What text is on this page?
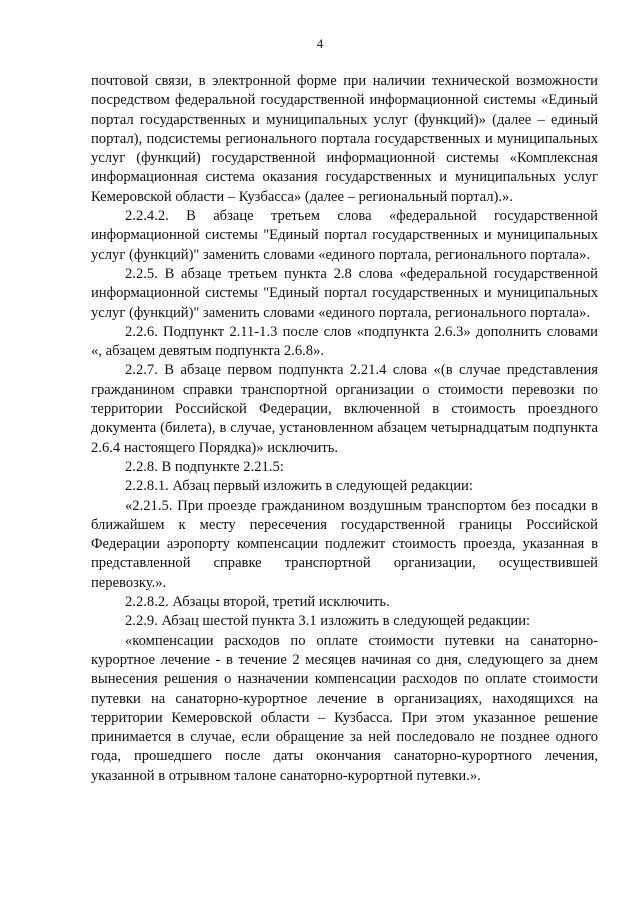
4

почтовой связи, в электронной форме при наличии технической возможности посредством федеральной государственной информационной системы «Единый портал государственных и муниципальных услуг (функций)» (далее – единый портал), подсистемы регионального портала государственных и муниципальных услуг (функций) государственной информационной системы «Комплексная информационная система оказания государственных и муниципальных услуг Кемеровской области – Кузбасса» (далее – региональный портал).».

2.2.4.2. В абзаце третьем слова «федеральной государственной информационной системы "Единый портал государственных и муниципальных услуг (функций)" заменить словами «единого портала, регионального портала».

2.2.5. В абзаце третьем пункта 2.8 слова «федеральной государственной информационной системы "Единый портал государственных и муниципальных услуг (функций)" заменить словами «единого портала, регионального портала».

2.2.6. Подпункт 2.11-1.3 после слов «подпункта 2.6.3» дополнить словами «, абзацем девятым подпункта 2.6.8».

2.2.7. В абзаце первом подпункта 2.21.4 слова «(в случае представления гражданином справки транспортной организации о стоимости перевозки по территории Российской Федерации, включенной в стоимость проездного документа (билета), в случае, установленном абзацем четырнадцатым подпункта 2.6.4 настоящего Порядка)» исключить.

2.2.8. В подпункте 2.21.5:

2.2.8.1. Абзац первый изложить в следующей редакции:

«2.21.5. При проезде гражданином воздушным транспортом без посадки в ближайшем к месту пересечения государственной границы Российской Федерации аэропорту компенсации подлежит стоимость проезда, указанная в представленной справке транспортной организации, осуществившей перевозку.».

2.2.8.2. Абзацы второй, третий исключить.

2.2.9. Абзац шестой пункта 3.1 изложить в следующей редакции:

«компенсации расходов по оплате стоимости путевки на санаторно-курортное лечение - в течение 2 месяцев начиная со дня, следующего за днем вынесения решения о назначении компенсации расходов по оплате стоимости путевки на санаторно-курортное лечение в организациях, находящихся на территории Кемеровской области – Кузбасса. При этом указанное решение принимается в случае, если обращение за ней последовало не позднее одного года, прошедшего после даты окончания санаторно-курортного лечения, указанной в отрывном талоне санаторно-курортной путевки.».
